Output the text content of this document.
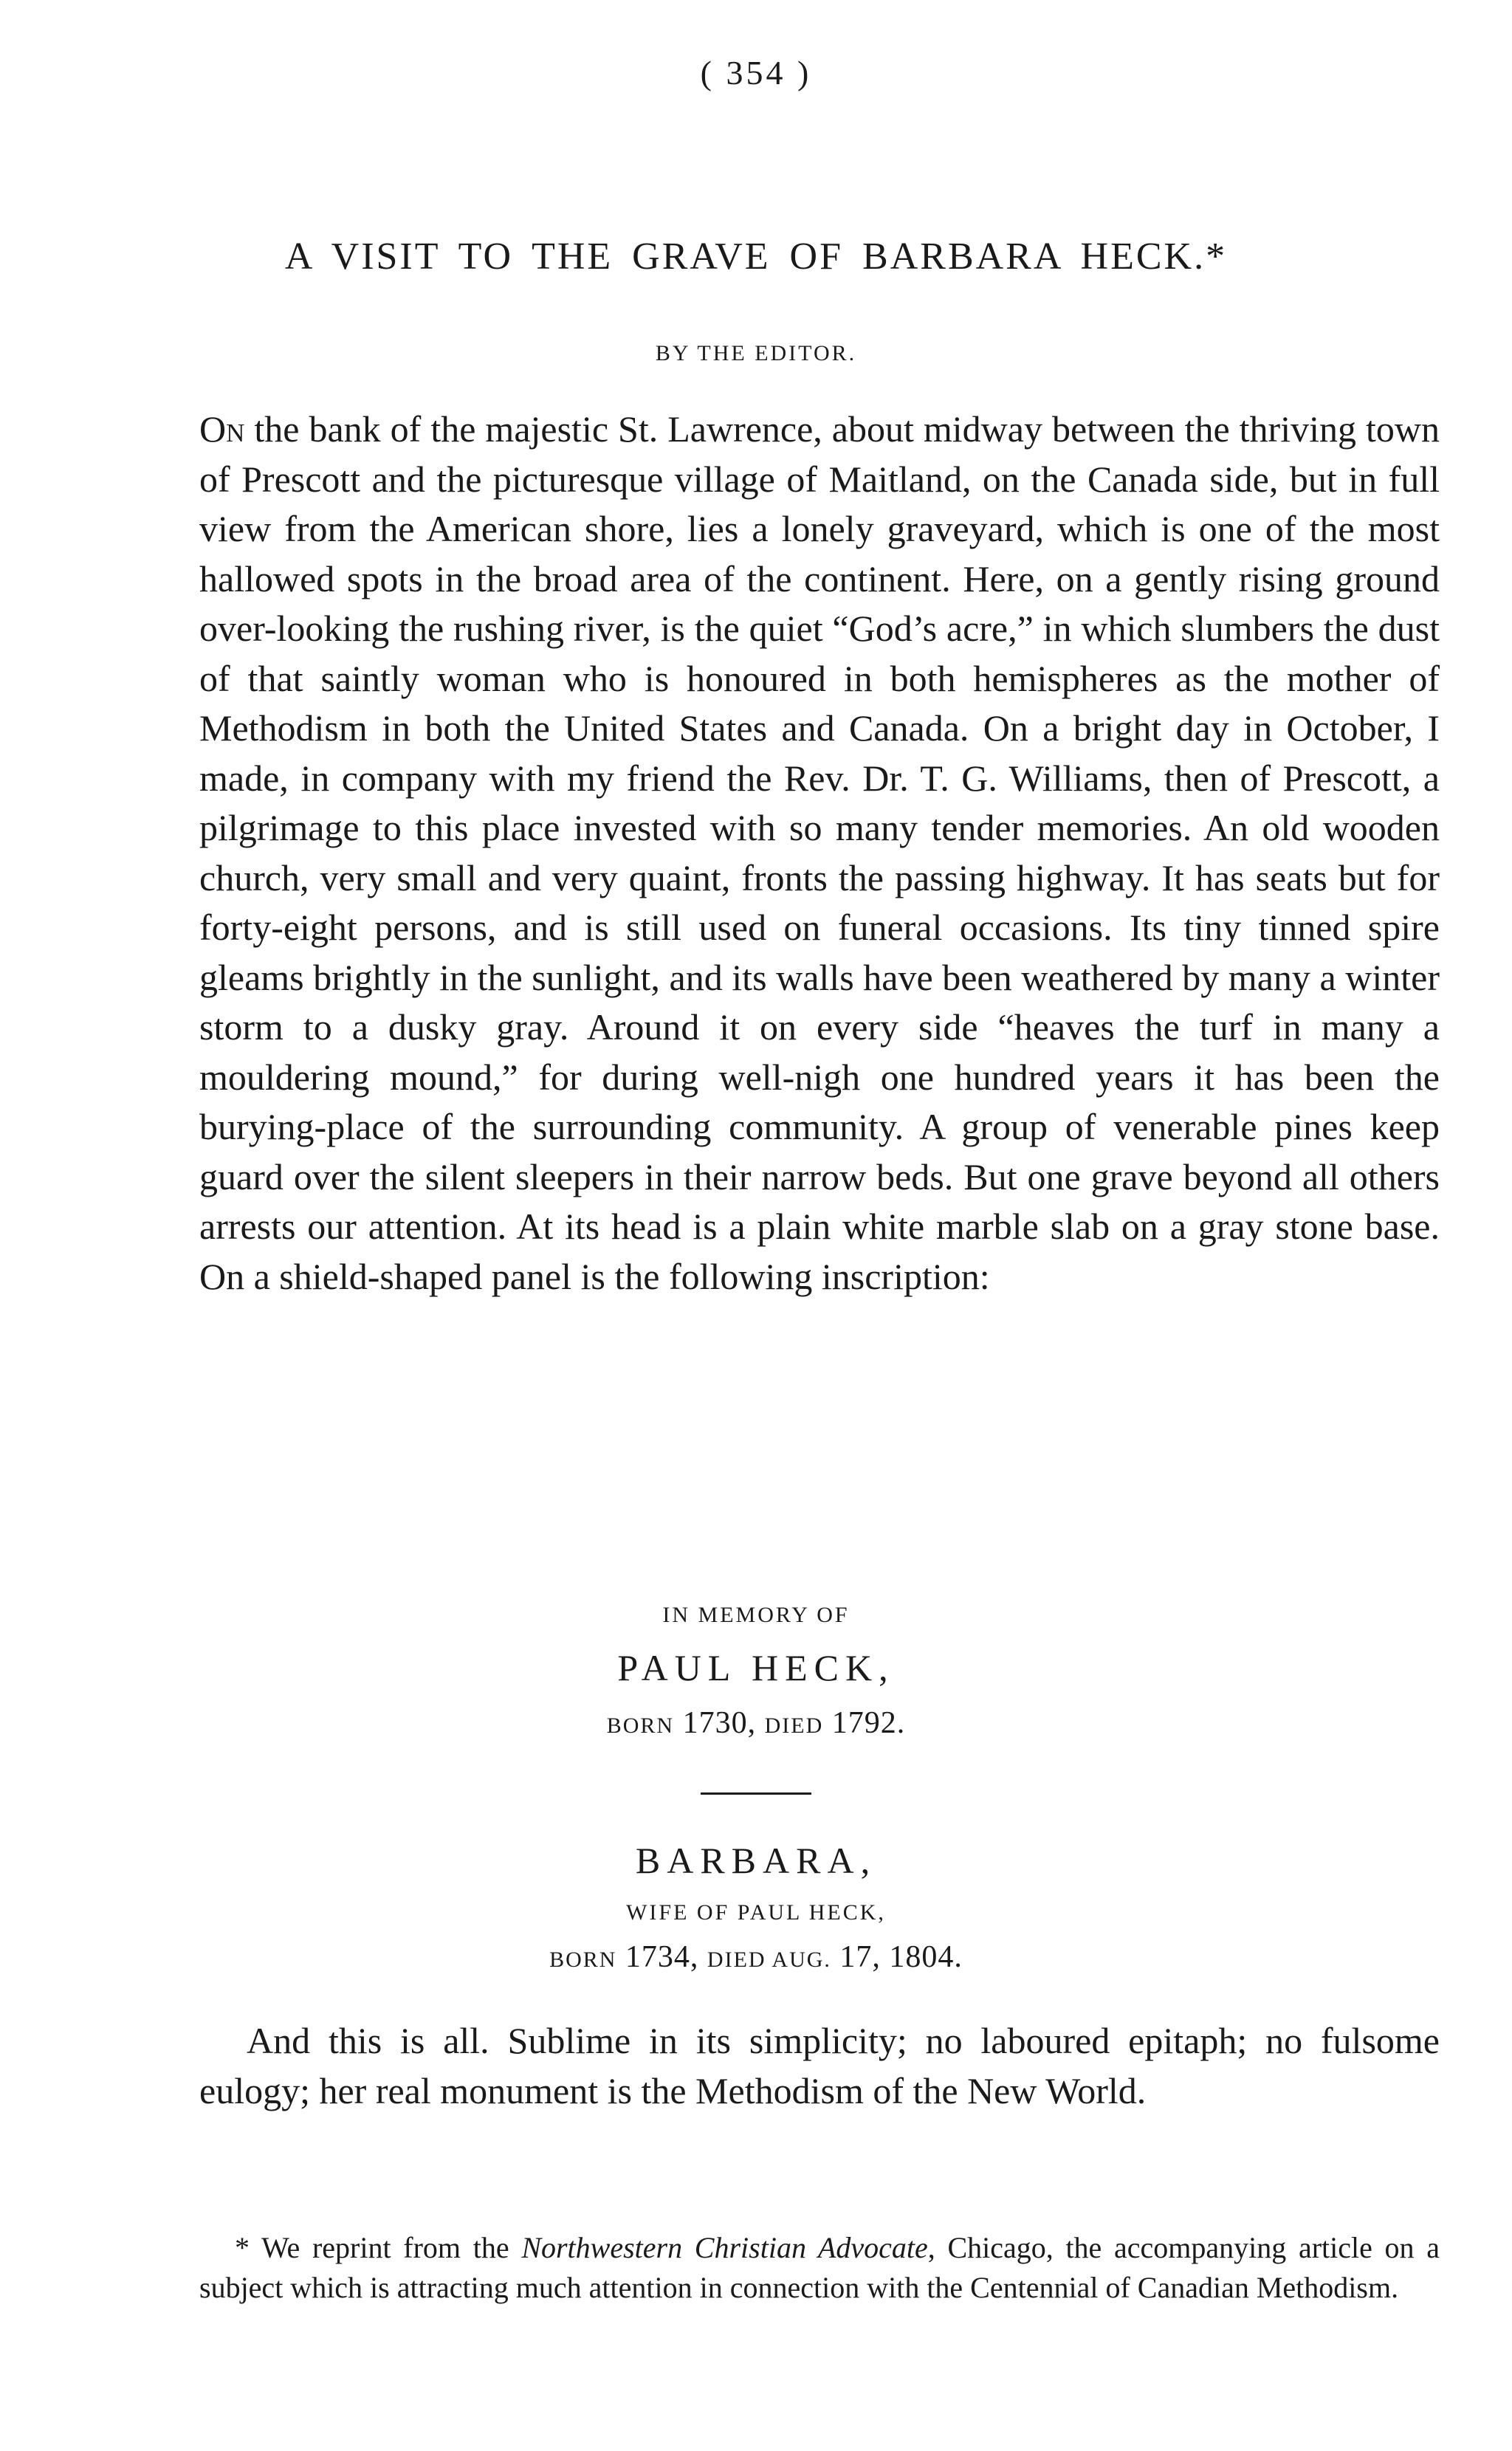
( 354 )
A VISIT TO THE GRAVE OF BARBARA HECK.*
BY THE EDITOR.

On the bank of the majestic St. Lawrence, about midway between the thriving town of Prescott and the picturesque village of Maitland, on the Canada side, but in full view from the American shore, lies a lonely graveyard, which is one of the most hallowed spots in the broad area of the continent. Here, on a gently rising ground over-looking the rushing river, is the quiet “God’s acre,” in which slumbers the dust of that saintly woman who is honoured in both hemispheres as the mother of Methodism in both the United States and Canada. On a bright day in October, I made, in company with my friend the Rev. Dr. T. G. Williams, then of Prescott, a pilgrimage to this place invested with so many tender memories. An old wooden church, very small and very quaint, fronts the passing highway. It has seats but for forty-eight persons, and is still used on funeral occasions. Its tiny tinned spire gleams brightly in the sunlight, and its walls have been weathered by many a winter storm to a dusky gray. Around it on every side “heaves the turf in many a mouldering mound,” for during well-nigh one hundred years it has been the burying-place of the surrounding community. A group of venerable pines keep guard over the silent sleepers in their narrow beds. But one grave beyond all others arrests our attention. At its head is a plain white marble slab on a gray stone base. On a shield-shaped panel is the following inscription:

IN MEMORY OF
PAUL HECK,
BORN 1730, DIED 1792.
BARBARA,
WIFE OF PAUL HECK,
BORN 1734, DIED AUG. 17, 1804.

And this is all. Sublime in its simplicity; no laboured epitaph; no fulsome eulogy; her real monument is the Methodism of the New World.

* We reprint from the Northwestern Christian Advocate, Chicago, the accompanying article on a subject which is attracting much attention in connection with the Centennial of Canadian Methodism.
